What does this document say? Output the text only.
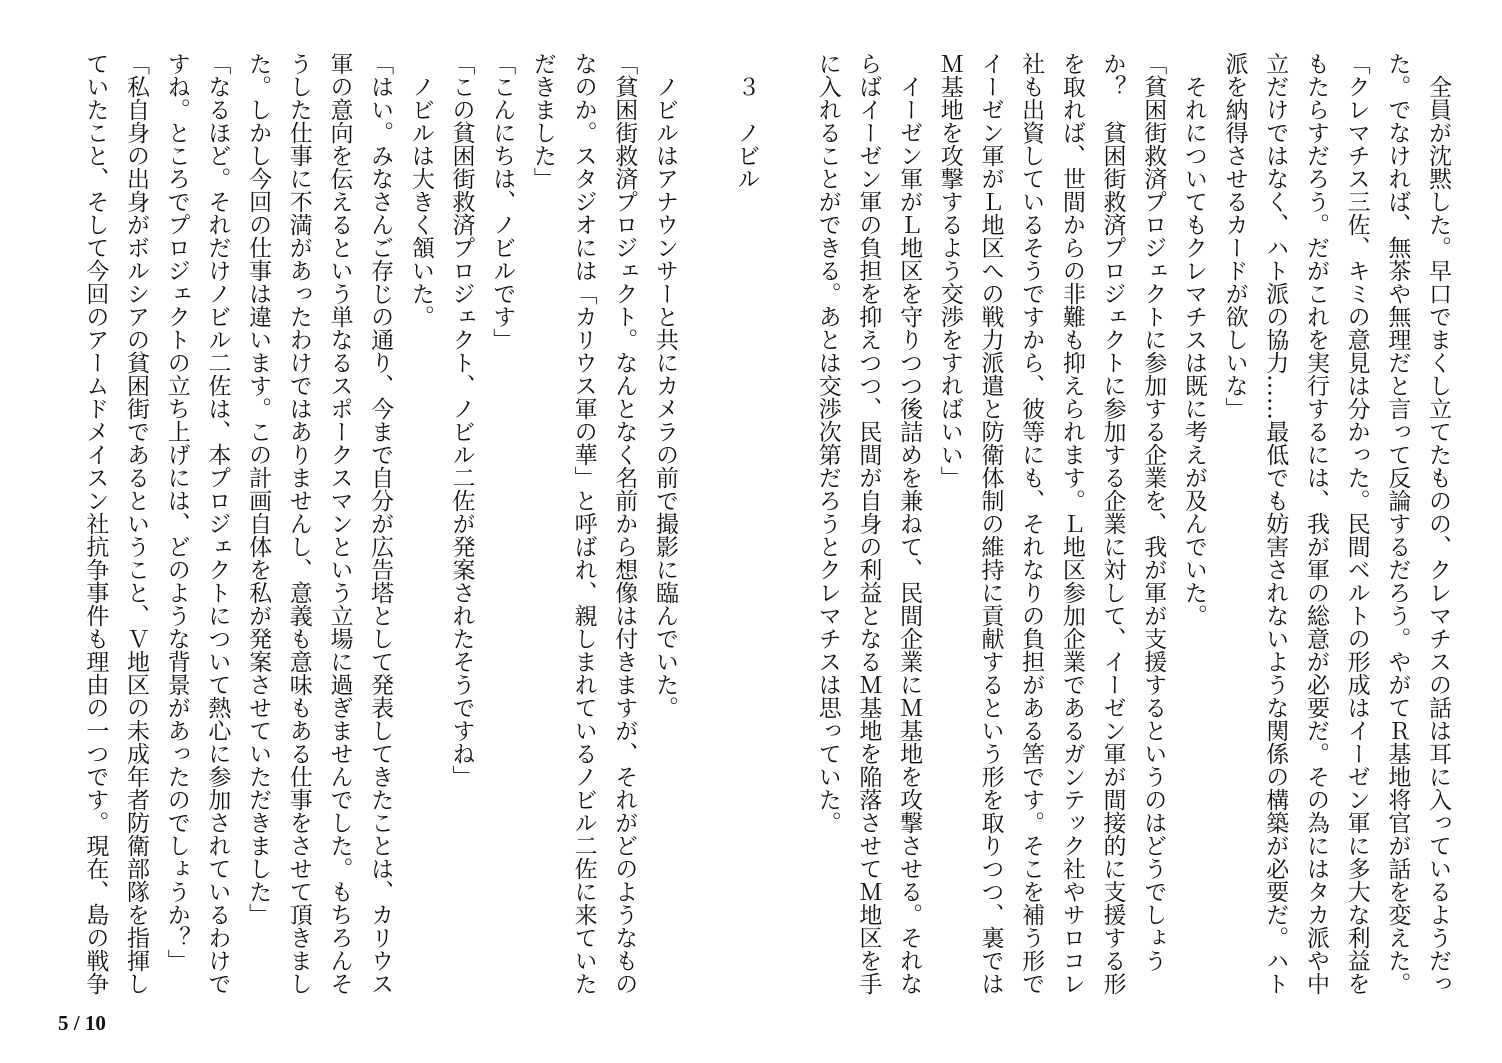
　全員が沈黙した。早口でまくし立てたものの、クレマチスの話は耳に入っているようだっ
た。でなければ、無茶や無理だと言って反論するだろう。やがてＲ基地将官が話を変えた。
「クレマチス三佐、キミの意見は分かった。民間ベルトの形成はイーゼン軍に多大な利益を
もたらすだろう。だがこれを実行するには、我が軍の総意が必要だ。その為にはタカ派や中
立だけではなく、ハト派の協力……最低でも妨害されないような関係の構築が必要だ。ハト
派を納得させるカードが欲しいな」
　それについてもクレマチスは既に考えが及んでいた。
「貧困街救済プロジェクトに参加する企業を、我が軍が支援するというのはどうでしょう
か？　貧困街救済プロジェクトに参加する企業に対して、イーゼン軍が間接的に支援する形
を取れば、世間からの非難も抑えられます。Ｌ地区参加企業であるガンテック社やサロコレ
社も出資しているそうですから、彼等にも、それなりの負担がある筈です。そこを補う形で
イーゼン軍がＬ地区への戦力派遣と防衛体制の維持に貢献するという形を取りつつ、裏では
Ｍ基地を攻撃するよう交渉をすればいい」
　イーゼン軍がＬ地区を守りつつ後詰めを兼ねて、民間企業にＭ基地を攻撃させる。それな
らばイーゼン軍の負担を抑えつつ、民間が自身の利益となるＭ基地を陥落させてＭ地区を手
に入れることができる。あとは交渉次第だろうとクレマチスは思っていた。
　３　ノビル
　ノビルはアナウンサーと共にカメラの前で撮影に臨んでいた。
「貧困街救済プロジェクト。なんとなく名前から想像は付きますが、それがどのようなもの
なのか。スタジオには「カリウス軍の華」と呼ばれ、親しまれているノビル二佐に来ていた
だきました」
「こんにちは、ノビルです」
「この貧困街救済プロジェクト、ノビル二佐が発案されたそうですね」
　ノビルは大きく頷いた。
「はい。みなさんご存じの通り、今まで自分が広告塔として発表してきたことは、カリウス
軍の意向を伝えるという単なるスポークスマンという立場に過ぎませんでした。もちろんそ
うした仕事に不満があったわけではありませんし、意義も意味もある仕事をさせて頂きまし
た。しかし今回の仕事は違います。この計画自体を私が発案させていただきました」
「なるほど。それだけノビル二佐は、本プロジェクトについて熱心に参加されているわけで
すね。ところでプロジェクトの立ち上げには、どのような背景があったのでしょうか？」
「私自身の出身がボルシアの貧困街であるということ、Ｖ地区の未成年者防衛部隊を指揮し
ていたこと、そして今回のアームドメイスン社抗争事件も理由の一つです。現在、島の戦争
5 / 10
